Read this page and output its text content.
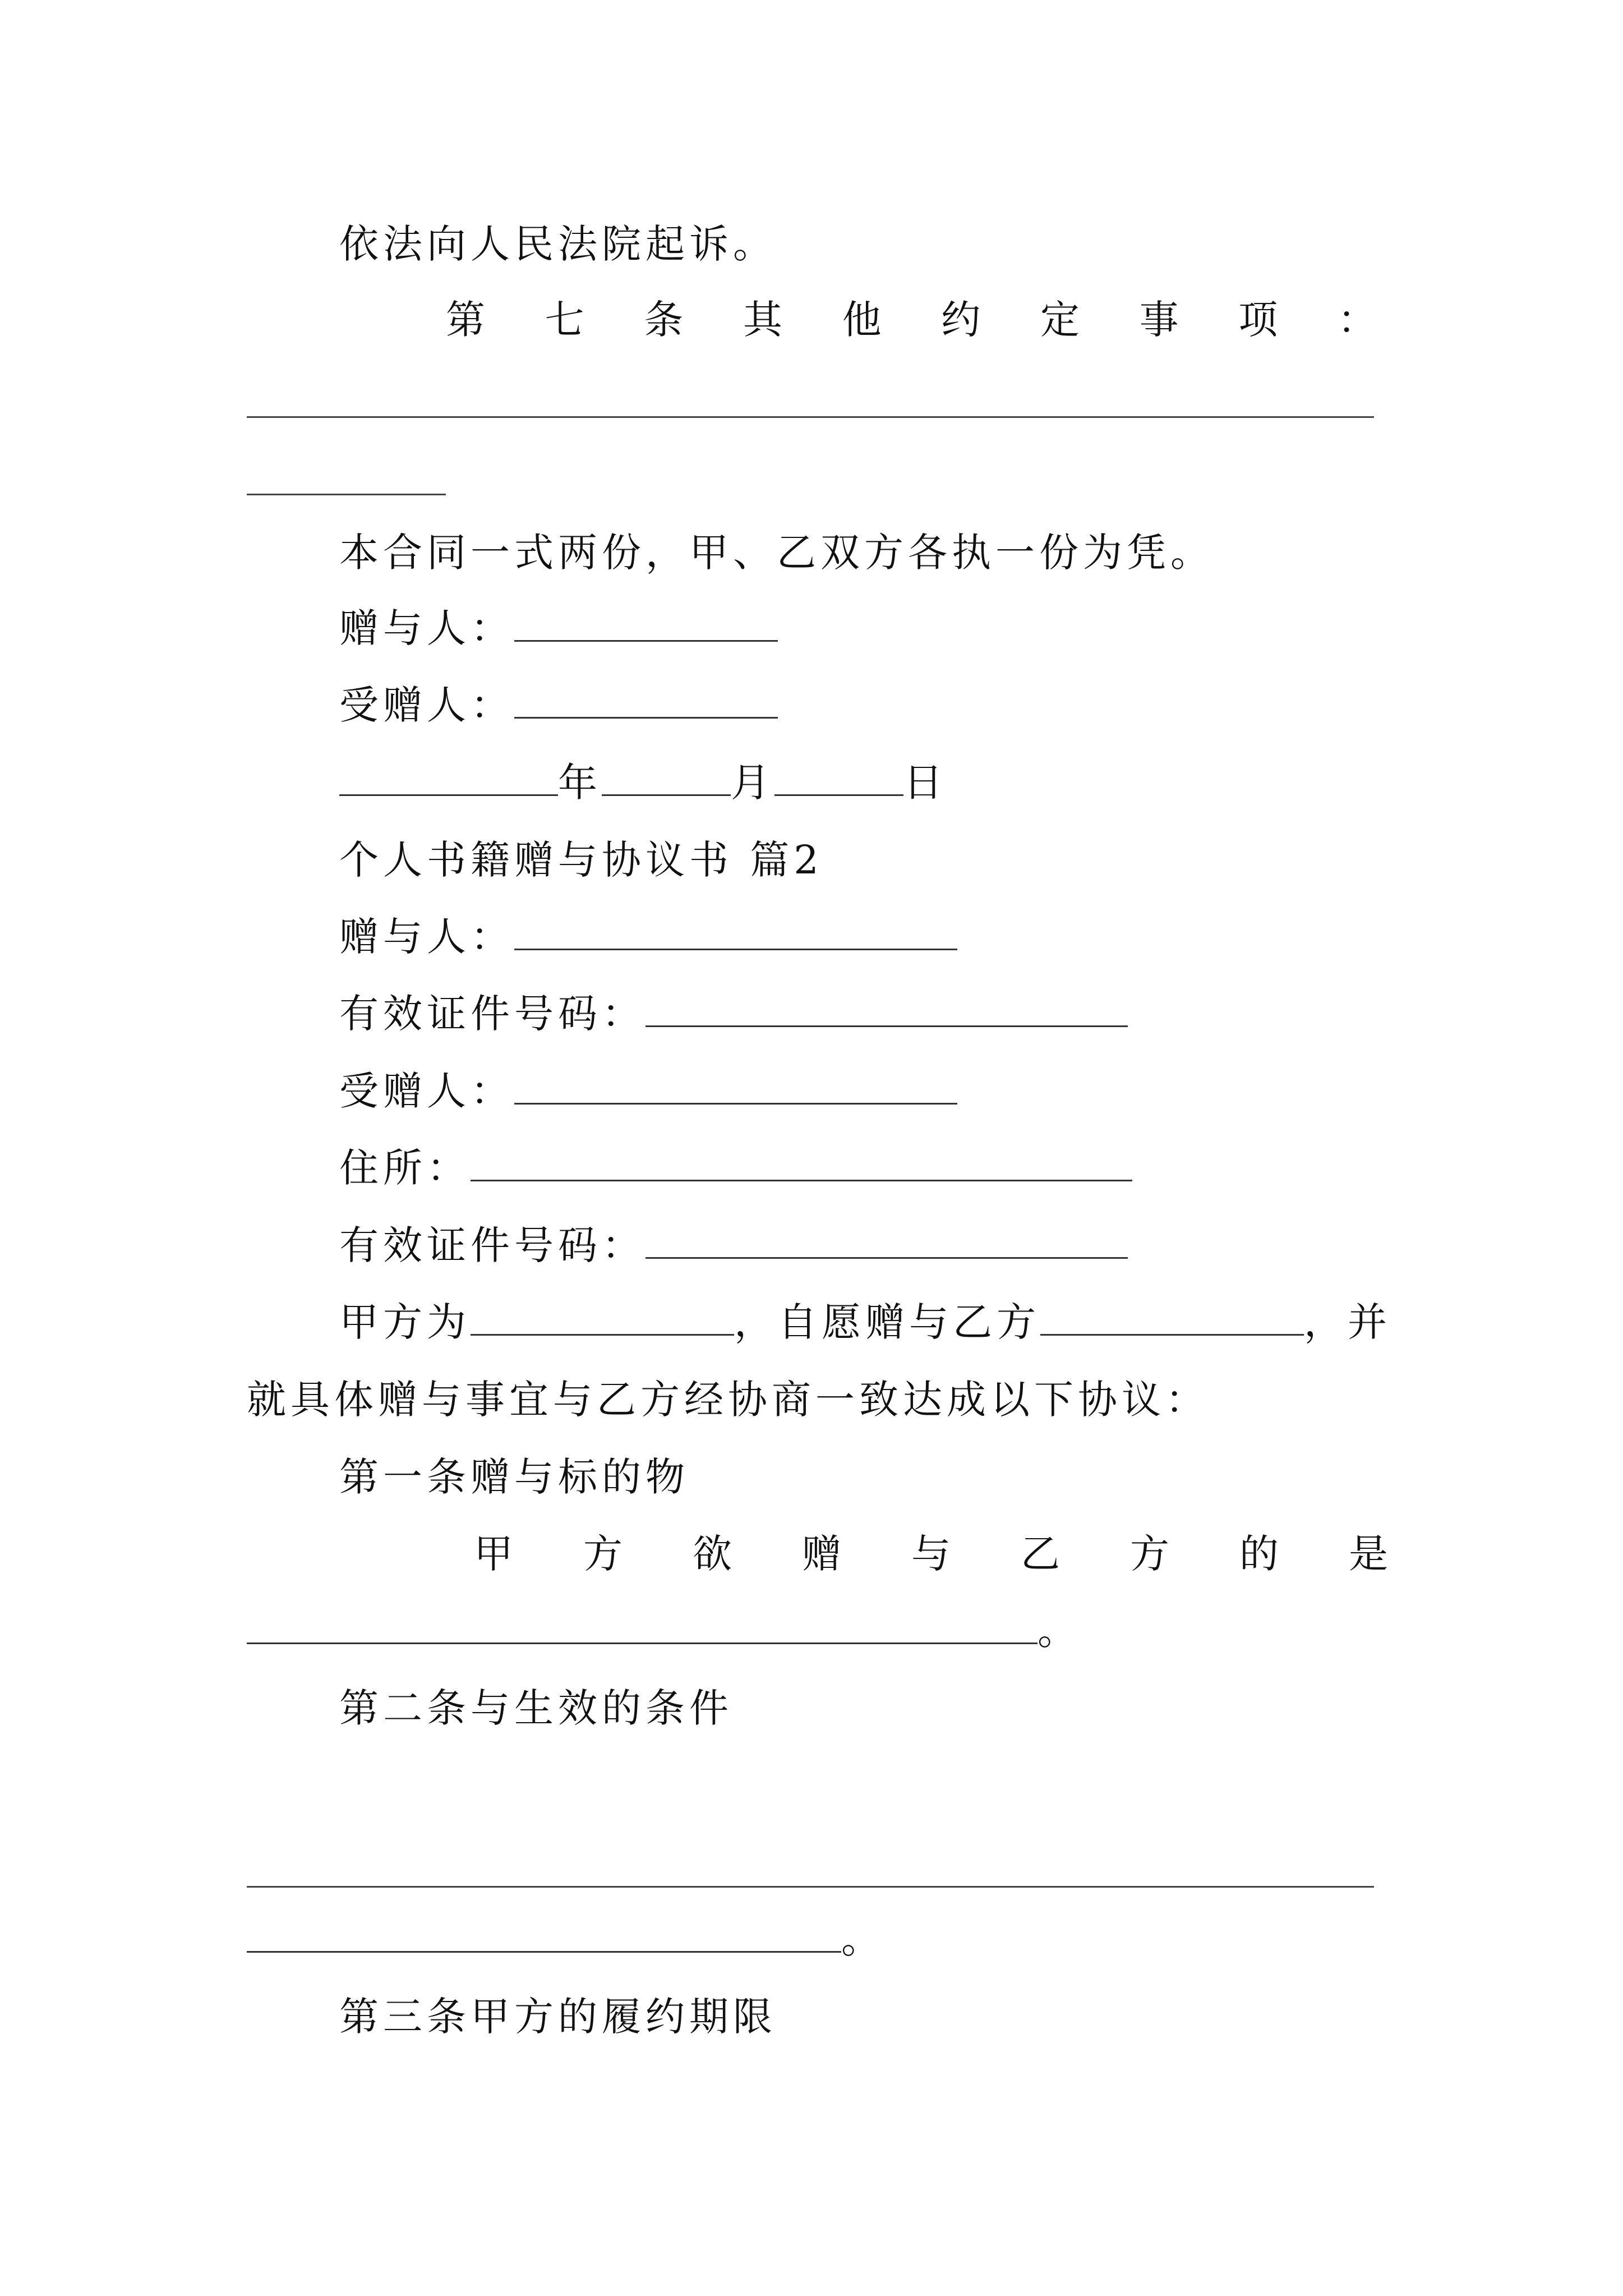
依法向人民法院起诉。
第 七 条 其 他 约 定 事 项 ：
本合同一式两份，甲、乙双方各执一份为凭。
赠与人：
受赠人：
年	月	日
个人书籍赠与协议书 篇2
赠与人：
有效证件号码：
受赠人：
住所：
有效证件号码：
甲方为	，自愿赠与乙方	，并
就具体赠与事宜与乙方经协商一致达成以下协议：
第一条赠与标的物
甲 方 欲 赠 与 乙 方 的 是
。
第二条与生效的条件
。
第三条甲方的履约期限
